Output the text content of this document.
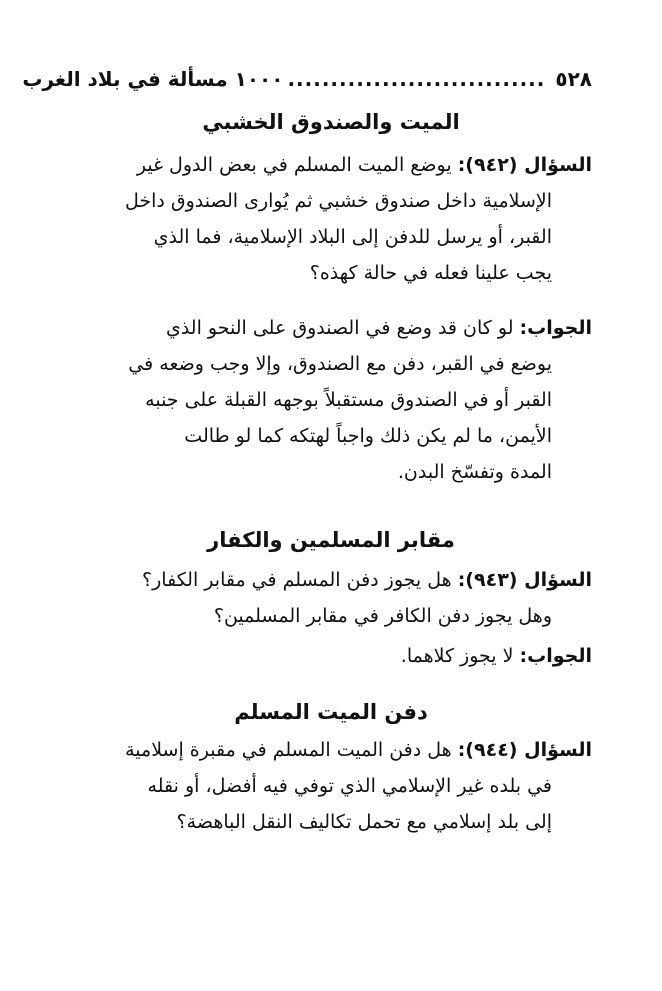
٥٢٨
..............................
١٠٠٠ مسألة في بلاد الغرب
الميت والصندوق الخشبي
السؤال (٩٤٢): يوضع الميت المسلم في بعض الدول غير
الإسلامية داخل صندوق خشبي ثم يُوارى الصندوق داخل
القبر، أو يرسل للدفن إلى البلاد الإسلامية، فما الذي
يجب علينا فعله في حالة كهذه؟
الجواب: لو كان قد وضع في الصندوق على النحو الذي
يوضع في القبر، دفن مع الصندوق، وإلا وجب وضعه في
القبر أو في الصندوق مستقبلاً بوجهه القبلة على جنبه
الأيمن، ما لم يكن ذلك واجباً لهتكه كما لو طالت
المدة وتفسّخ البدن.
مقابر المسلمين والكفار
السؤال (٩٤٣): هل يجوز دفن المسلم في مقابر الكفار؟
وهل يجوز دفن الكافر في مقابر المسلمين؟
الجواب: لا يجوز كلاهما.
دفن الميت المسلم
السؤال (٩٤٤): هل دفن الميت المسلم في مقبرة إسلامية
في بلده غير الإسلامي الذي توفي فيه أفضل، أو نقله
إلى بلد إسلامي مع تحمل تكاليف النقل الباهضة؟
